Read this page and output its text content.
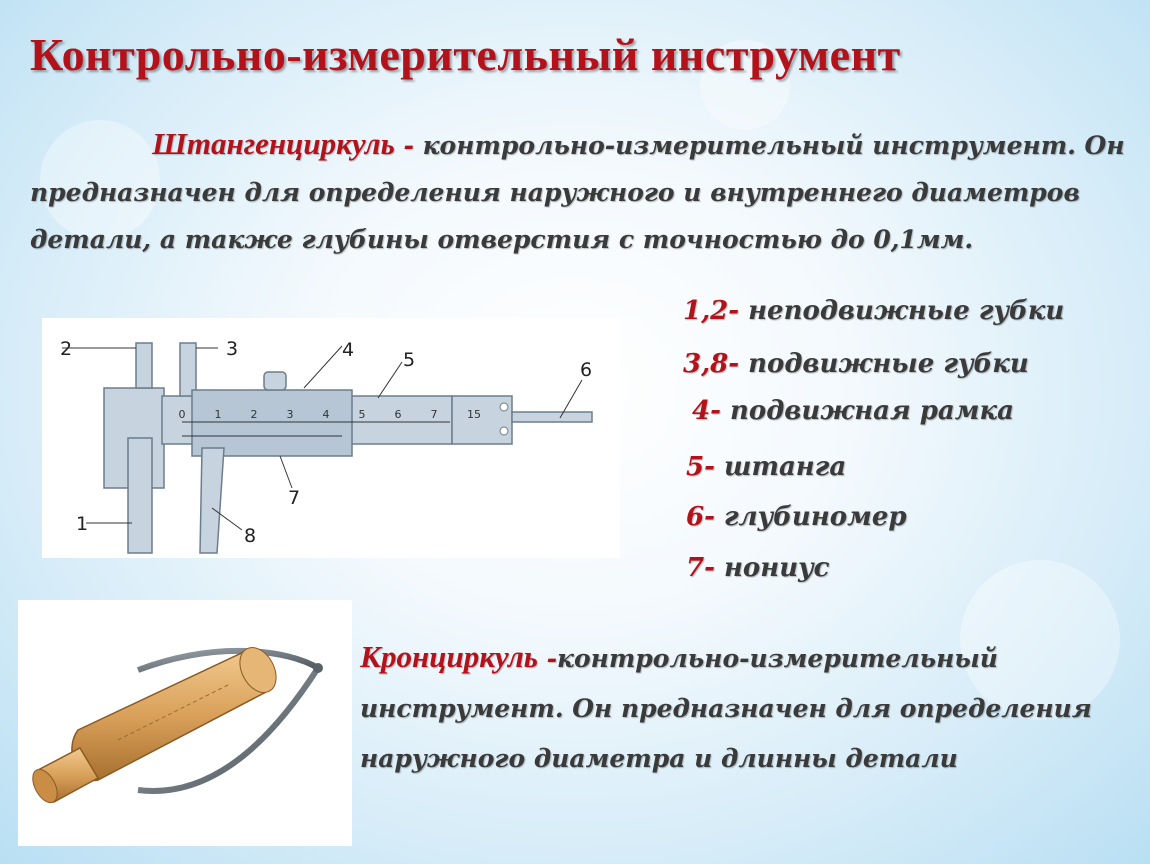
Контрольно-измерительный инструмент
Штангенциркуль - контрольно-измерительный инструмент. Он предназначен для определения наружного и внутреннего диаметров детали, а также глубины отверстия с точностью до 0,1мм.
0	1	2	3	4	5	6	7	15
2	3	4	5	6
7
1
8
1,2- неподвижные губки
3,8- подвижные губки
4- подвижная рамка
5- штанга
6- глубиномер
7- нониус
Кронциркуль -контрольно-измерительный инструмент. Он предназначен для определения наружного диаметра и длинны детали
